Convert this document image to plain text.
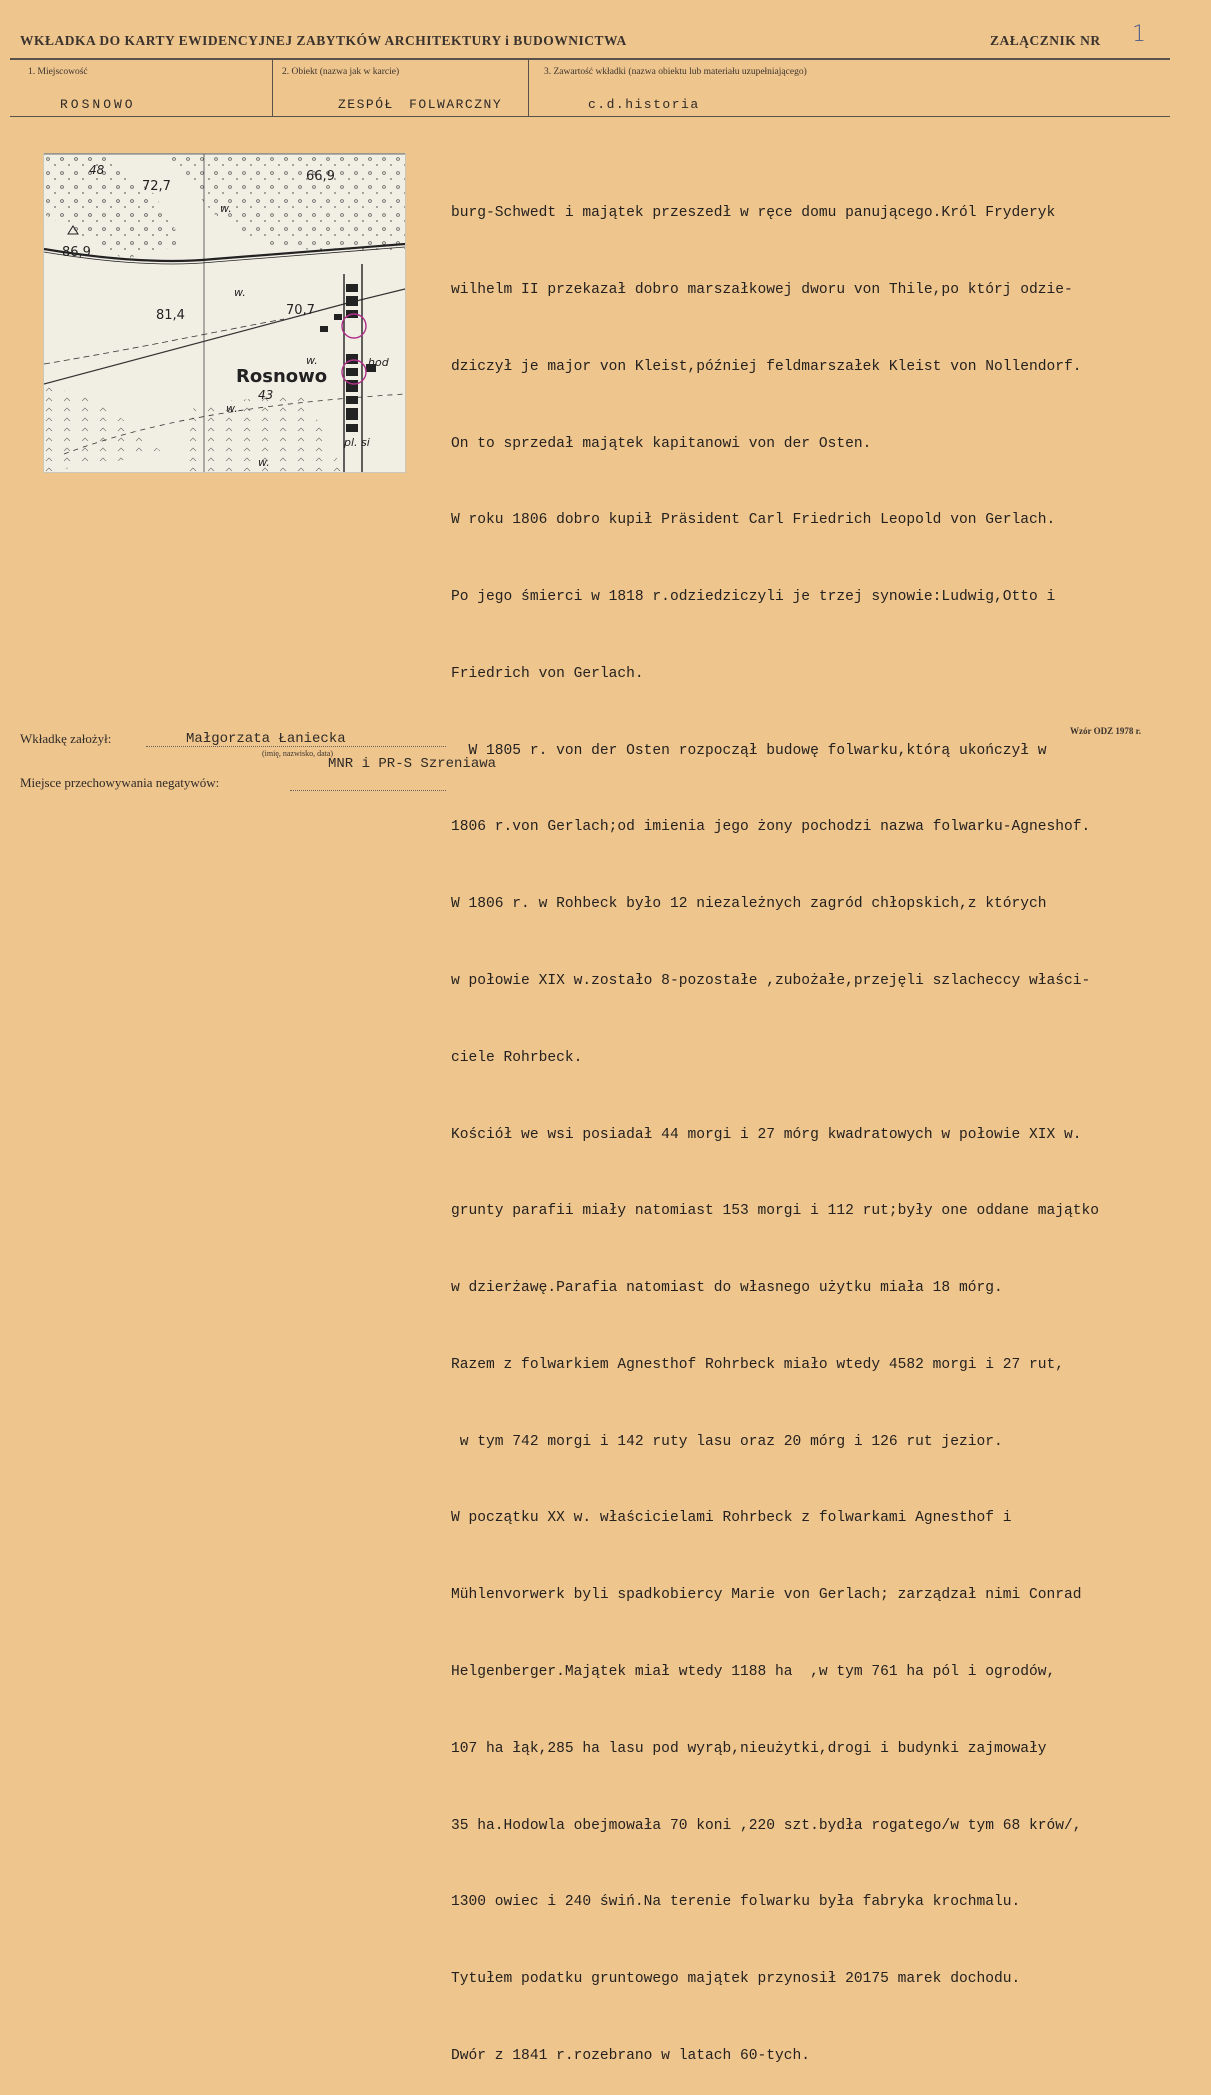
WKŁADKA DO KARTY EWIDENCYJNEJ ZABYTKÓW ARCHITEKTURY i BUDOWNICTWA	ZAŁĄCZNIK NR 1
1. Miejscowość
ROSNOWO
2. Obiekt (nazwa jak w karcie)
ZESPÓŁ FOLWARCZNY
3. Zawartość wkładki (nazwa obiektu lub materiału uzupełniającego)
c.d.historia
48
72,7
66,9
86,9
81,4	70,7
43
Rosnowo
w.
w.
w.
w.
w.
hod
pl. si

burg-Schwedt i majątek przeszedł w ręce domu panującego.Król Fryderyk

wilhelm II przekazał dobro marszałkowej dworu von Thile,po którj odzie-

dziczył je major von Kleist,później feldmarszałek Kleist von Nollendorf.

On to sprzedał majątek kapitanowi von der Osten.

W roku 1806 dobro kupił Präsident Carl Friedrich Leopold von Gerlach.

Po jego śmierci w 1818 r.odziedziczyli je trzej synowie:Ludwig,Otto i

Friedrich von Gerlach.

W 1805 r. von der Osten rozpoczął budowę folwarku,którą ukończył w

1806 r.von Gerlach;od imienia jego żony pochodzi nazwa folwarku-Agneshof.

W 1806 r. w Rohbeck było 12 niezależnych zagród chłopskich,z których

w połowie XIX w.zostało 8-pozostałe ,zubożałe,przejęli szlacheccy właści-

ciele Rohrbeck.

Kościół we wsi posiadał 44 morgi i 27 mórg kwadratowych w połowie XIX w.

grunty parafii miały natomiast 153 morgi i 112 rut;były one oddane majątko

w dzierżawę.Parafia natomiast do własnego użytku miała 18 mórg.

Razem z folwarkiem Agnesthof Rohrbeck miało wtedy 4582 morgi i 27 rut,

w tym 742 morgi i 142 ruty lasu oraz 20 mórg i 126 rut jezior.

W początku XX w. właścicielami Rohrbeck z folwarkami Agnesthof i

Mühlenvorwerk byli spadkobiercy Marie von Gerlach; zarządzał nimi Conrad

Helgenberger.Majątek miał wtedy 1188 ha  ,w tym 761 ha pól i ogrodów,

107 ha łąk,285 ha lasu pod wyrąb,nieużytki,drogi i budynki zajmowały

35 ha.Hodowla obejmowała 70 koni ,220 szt.bydła rogatego/w tym 68 krów/,

1300 owiec i 240 świń.Na terenie folwarku była fabryka krochmalu.

Tytułem podatku gruntowego majątek przynosił 20175 marek dochodu.

Dwór z 1841 r.rozebrano w latach 60-tych.

Wkładkę założył:	Małgorzata Łaniecka
(imię, nazwisko, data)
Miejsce przechowywania negatywów:
MNR i PR-S Szreniawa
Wzór ODZ 1978 r.
